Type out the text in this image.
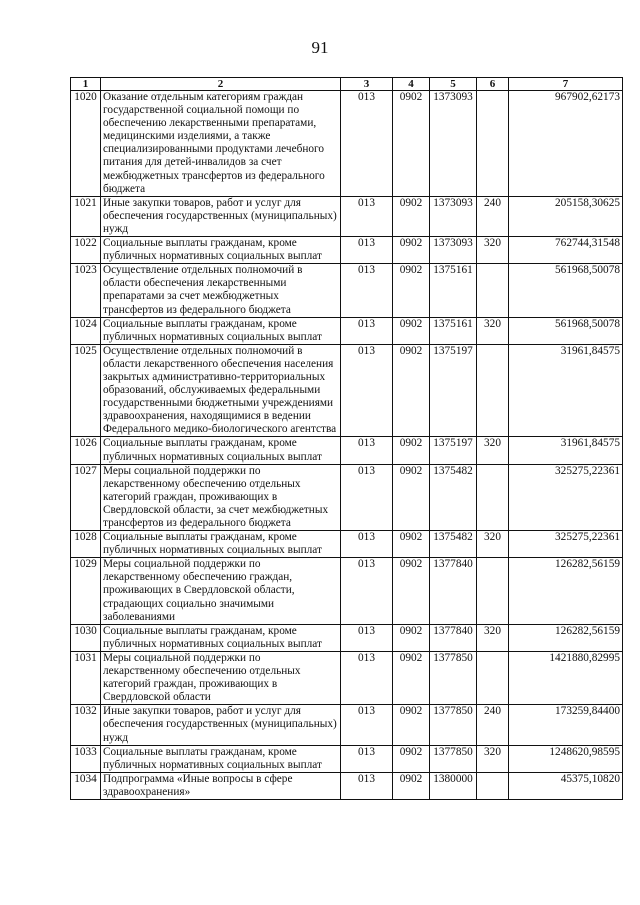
91
1	2	3	4	5	6	7
1020	Оказание отдельным категориям граждан государственной социальной помощи по обеспечению лекарственными препаратами, медицинскими изделиями, а также специализированными продуктами лечебного питания для детей-инвалидов за счет межбюджетных трансфертов из федерального бюджета	013	0902	1373093		967902,62173
1021	Иные закупки товаров, работ и услуг для обеспечения государственных (муниципальных) нужд	013	0902	1373093	240	205158,30625
1022	Социальные выплаты гражданам, кроме публичных нормативных социальных выплат	013	0902	1373093	320	762744,31548
1023	Осуществление отдельных полномочий в области обеспечения лекарственными препаратами за счет межбюджетных трансфертов из федерального бюджета	013	0902	1375161		561968,50078
1024	Социальные выплаты гражданам, кроме публичных нормативных социальных выплат	013	0902	1375161	320	561968,50078
1025	Осуществление отдельных полномочий в области лекарственного обеспечения населения закрытых административно-территориальных образований, обслуживаемых федеральными государственными бюджетными учреждениями здравоохранения, находящимися в ведении Федерального медико-биологического агентства	013	0902	1375197		31961,84575
1026	Социальные выплаты гражданам, кроме публичных нормативных социальных выплат	013	0902	1375197	320	31961,84575
1027	Меры социальной поддержки по лекарственному обеспечению отдельных категорий граждан, проживающих в Свердловской области, за счет межбюджетных трансфертов из федерального бюджета	013	0902	1375482		325275,22361
1028	Социальные выплаты гражданам, кроме публичных нормативных социальных выплат	013	0902	1375482	320	325275,22361
1029	Меры социальной поддержки по лекарственному обеспечению граждан, проживающих в Свердловской области, страдающих социально значимыми заболеваниями	013	0902	1377840		126282,56159
1030	Социальные выплаты гражданам, кроме публичных нормативных социальных выплат	013	0902	1377840	320	126282,56159
1031	Меры социальной поддержки по лекарственному обеспечению отдельных категорий граждан, проживающих в Свердловской области	013	0902	1377850		1421880,82995
1032	Иные закупки товаров, работ и услуг для обеспечения государственных (муниципальных) нужд	013	0902	1377850	240	173259,84400
1033	Социальные выплаты гражданам, кроме публичных нормативных социальных выплат	013	0902	1377850	320	1248620,98595
1034	Подпрограмма «Иные вопросы в сфере здравоохранения»	013	0902	1380000		45375,10820
